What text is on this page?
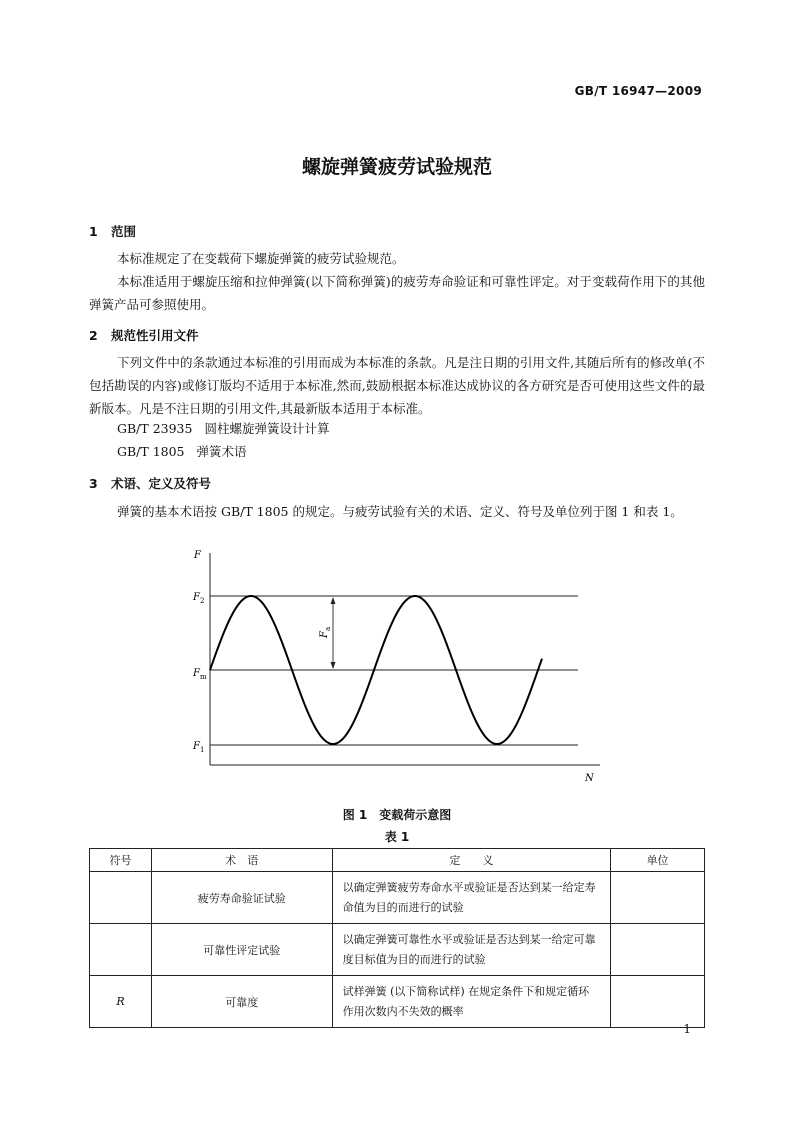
GB/T 16947—2009
螺旋弹簧疲劳试验规范
1 范围
本标准规定了在变载荷下螺旋弹簧的疲劳试验规范。
本标准适用于螺旋压缩和拉伸弹簧(以下简称弹簧)的疲劳寿命验证和可靠性评定。对于变载荷作用下的其他弹簧产品可参照使用。
2 规范性引用文件
下列文件中的条款通过本标准的引用而成为本标准的条款。凡是注日期的引用文件,其随后所有的修改单(不包括勘误的内容)或修订版均不适用于本标准,然而,鼓励根据本标准达成协议的各方研究是否可使用这些文件的最新版本。凡是不注日期的引用文件,其最新版本适用于本标准。
GB/T 23935 圆柱螺旋弹簧设计计算
GB/T 1805 弹簧术语
3 术语、定义及符号
弹簧的基本术语按 GB/T 1805 的规定。与疲劳试验有关的术语、定义、符号及单位列于图 1 和表 1。
F
N
$F_2$
$F_m$
$F_1$
$F_a$
图 1　变载荷示意图
表 1
符号	术　语	定　　义	单位
	疲劳寿命验证试验	以确定弹簧疲劳寿命水平或验证是否达到某一给定寿命值为目的而进行的试验	
	可靠性评定试验	以确定弹簧可靠性水平或验证是否达到某一给定可靠度目标值为目的而进行的试验	
R	可靠度	试样弹簧 (以下简称试样) 在规定条件下和规定循环作用次数内不失效的概率	
1
